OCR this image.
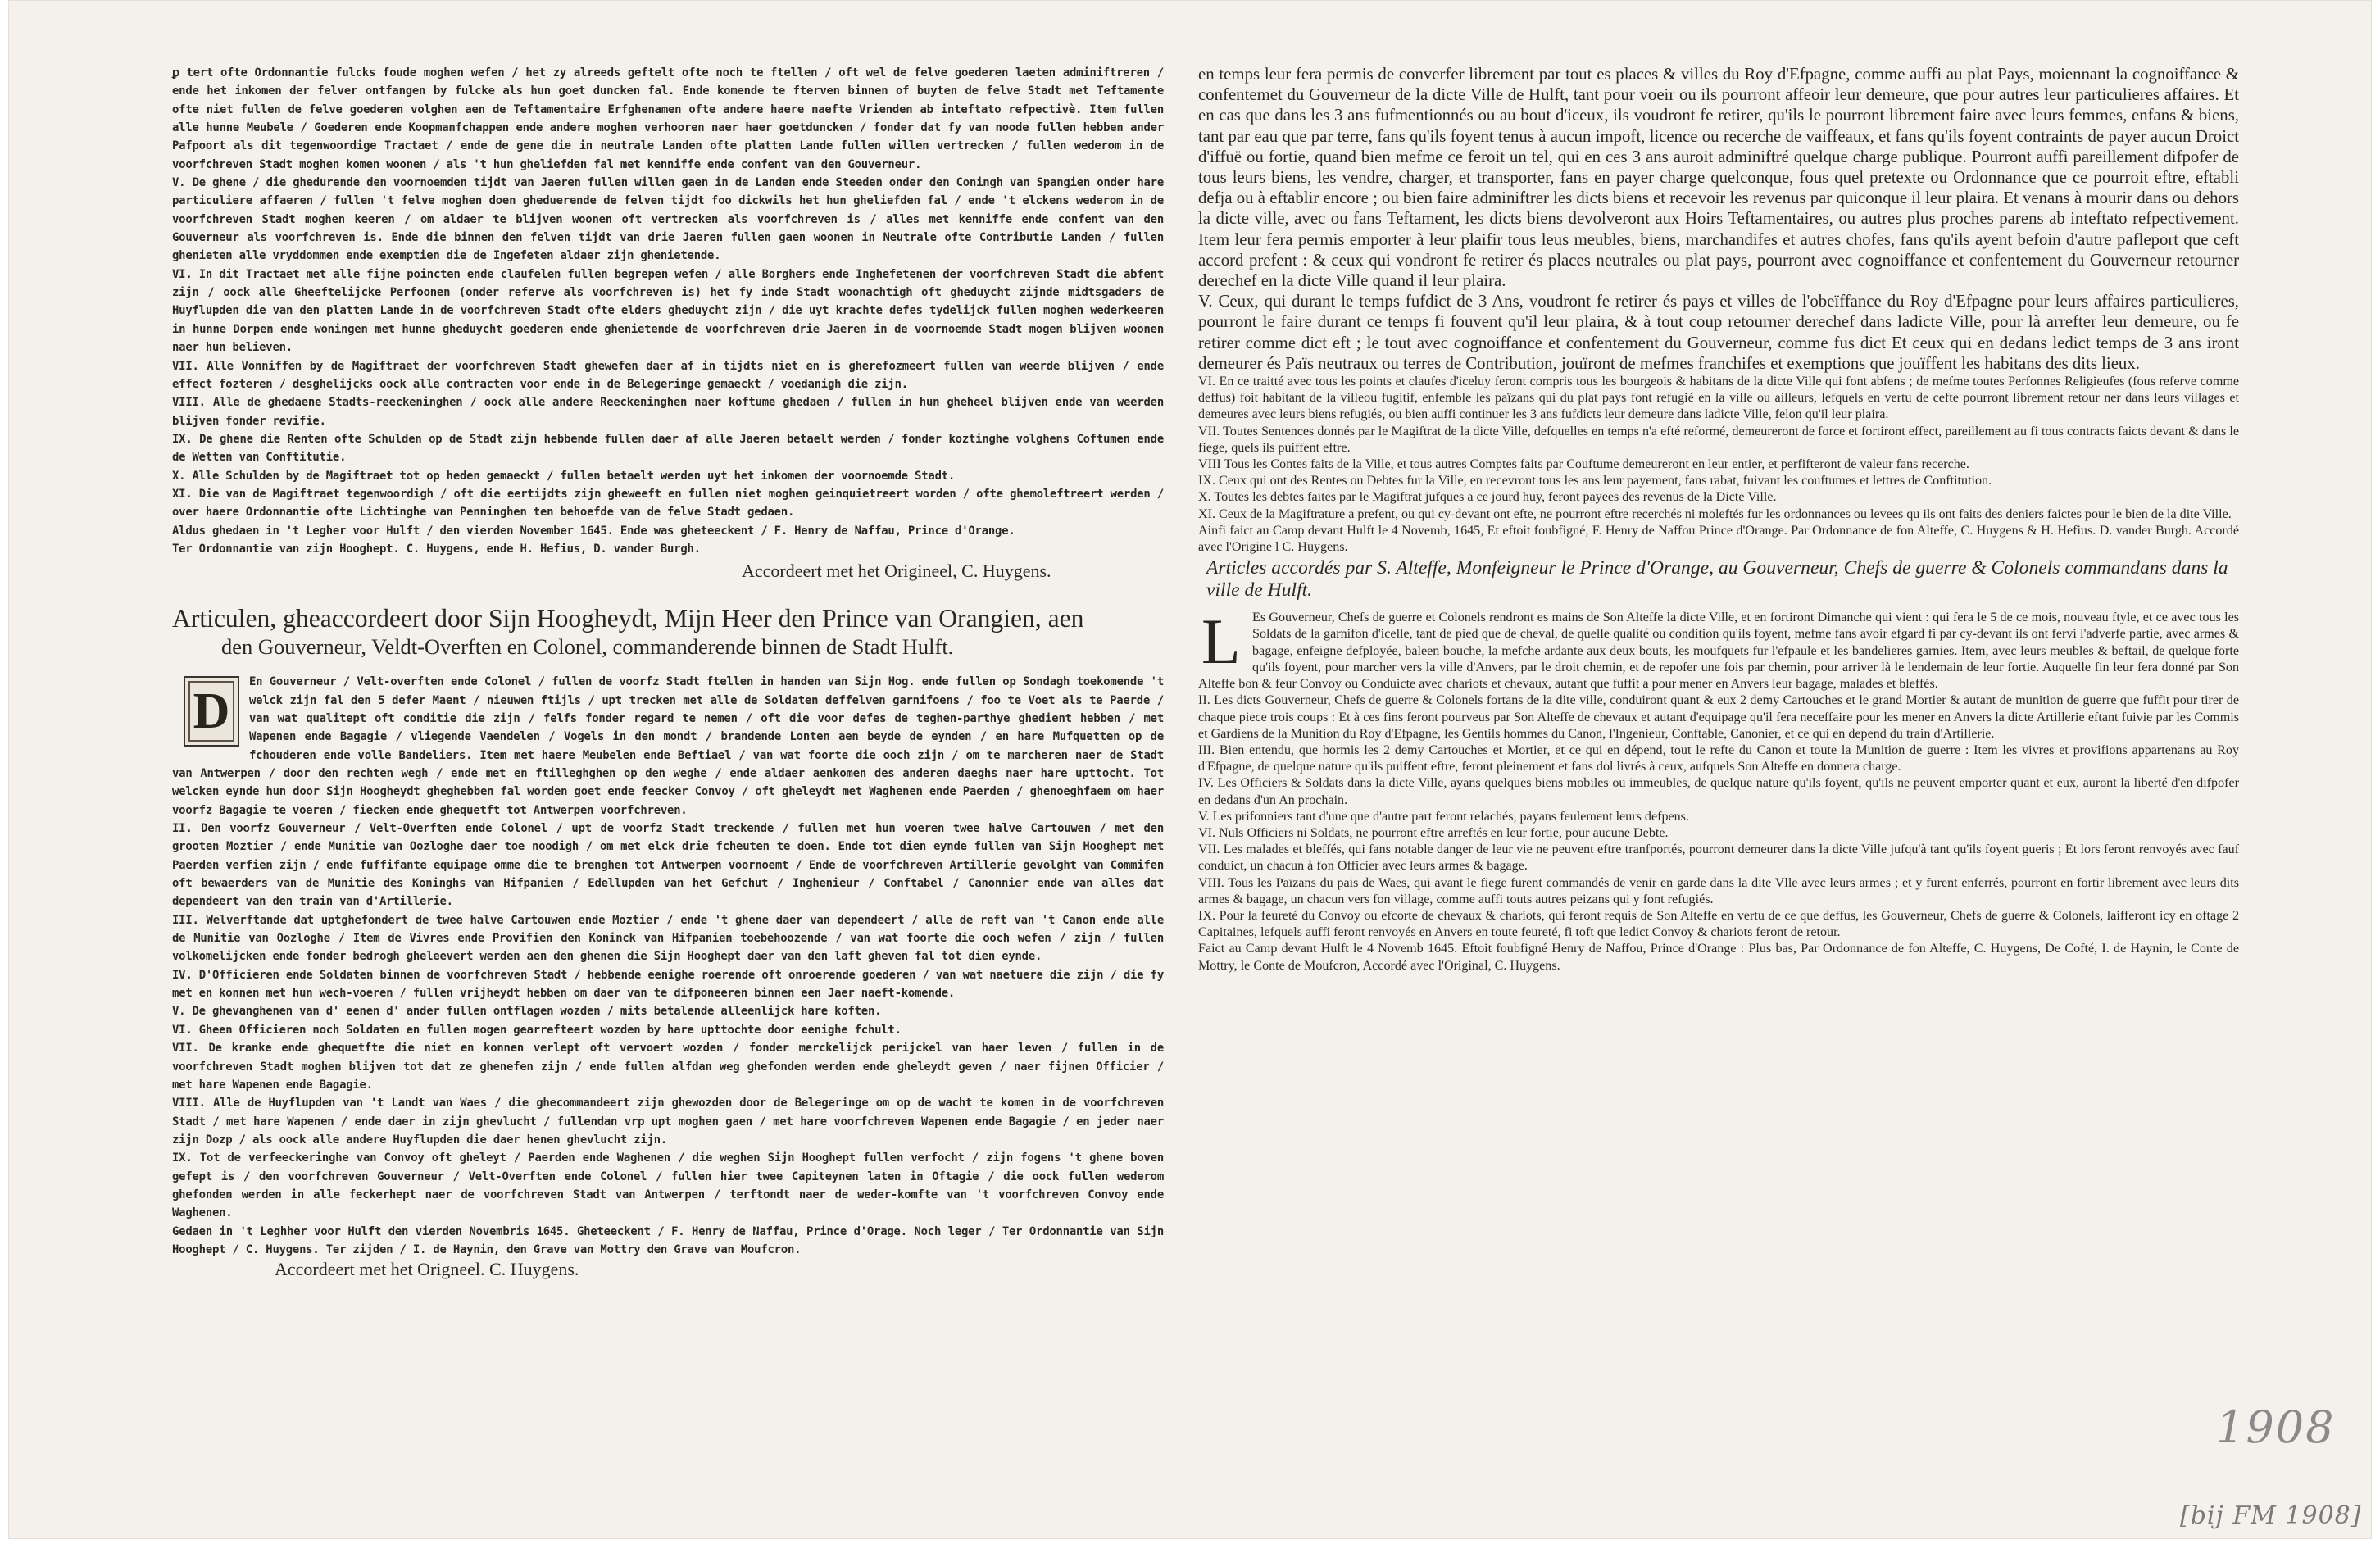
ꝑ tert ofte Ordonnantie fulcks foude moghen wefen / het zy alreeds geftelt ofte noch te ftellen / oft wel de felve goederen laeten adminiftreren / ende het inkomen der felver ontfangen by fulcke als hun goet duncken fal. Ende komende te fterven binnen of buyten de felve Stadt met Teftamente ofte niet fullen de felve goederen volghen aen de Teftamentaire Erfghenamen ofte andere haere naefte Vrienden ab inteftato refpectivè. Item fullen alle hunne Meubele / Goederen ende Koopmanfchappen ende andere moghen verhooren naer haer goetduncken / fonder dat fy van noode fullen hebben ander Pafpoort als dit tegenwoordige Tractaet / ende de gene die in neutrale Landen ofte platten Lande fullen willen vertrecken / fullen wederom in de voorfchreven Stadt moghen komen woonen / als 't hun gheliefden fal met kenniffe ende confent van den Gouverneur.

V. De ghene / die ghedurende den voornoemden tijdt van Jaeren fullen willen gaen in de Landen ende Steeden onder den Coningh van Spangien onder hare particuliere affaeren / fullen 't felve moghen doen gheduerende de felven tijdt foo dickwils het hun gheliefden fal / ende 't elckens wederom in de voorfchreven Stadt moghen keeren / om aldaer te blijven woonen oft vertrecken als voorfchreven is / alles met kenniffe ende confent van den Gouverneur als voorfchreven is. Ende die binnen den felven tijdt van drie Jaeren fullen gaen woonen in Neutrale ofte Contributie Landen / fullen ghenieten alle vryddommen ende exemptien die de Ingefeten aldaer zijn ghenietende.

VI. In dit Tractaet met alle fijne poincten ende claufelen fullen begrepen wefen / alle Borghers ende Inghefetenen der voorfchreven Stadt die abfent zijn / oock alle Gheeftelijcke Perfoonen (onder referve als voorfchreven is) het fy inde Stadt woonachtigh oft gheduycht zijnde midtsgaders de Huyflupden die van den platten Lande in de voorfchreven Stadt ofte elders gheduycht zijn / die uyt krachte defes tydelijck fullen moghen wederkeeren in hunne Dorpen ende woningen met hunne gheduycht goederen ende ghenietende de voorfchreven drie Jaeren in de voornoemde Stadt mogen blijven woonen naer hun believen.

VII. Alle Vonniffen by de Magiftraet der voorfchreven Stadt ghewefen daer af in tijdts niet en is gherefozmeert fullen van weerde blijven / ende effect fozteren / desghelijcks oock alle contracten voor ende in de Belegeringe gemaeckt / voedanigh die zijn.

VIII. Alle de ghedaene Stadts-reeckeninghen / oock alle andere Reeckeninghen naer koftume ghedaen / fullen in hun gheheel blijven ende van weerden blijven fonder revifie.

IX. De ghene die Renten ofte Schulden op de Stadt zijn hebbende fullen daer af alle Jaeren betaelt werden / fonder koztinghe volghens Coftumen ende de Wetten van Conftitutie.

X. Alle Schulden by de Magiftraet tot op heden gemaeckt / fullen betaelt werden uyt het inkomen der voornoemde Stadt.

XI. Die van de Magiftraet tegenwoordigh / oft die eertijdts zijn gheweeft en fullen niet moghen geinquietreert worden / ofte ghemoleftreert werden / over haere Ordonnantie ofte Lichtinghe van Penninghen ten behoefde van de felve Stadt gedaen.

Aldus ghedaen in 't Legher voor Hulft / den vierden November 1645. Ende was gheteeckent / F. Henry de Naffau, Prince d'Orange.

Ter Ordonnantie van zijn Hooghept. C. Huygens, ende H. Hefius, D. vander Burgh.

Accordeert met het Origineel, C. Huygens.

Articulen, gheaccordeert door Sijn Hoogheydt, Mijn Heer den Prince van Orangien, aen
den Gouverneur, Veldt-Overften en Colonel, commanderende binnen de Stadt Hulft.

D

En Gouverneur / Velt-overften ende Colonel / fullen de voorfz Stadt ftellen in handen van Sijn Hog. ende fullen op Sondagh toekomende 't welck zijn fal den 5 defer Maent / nieuwen ftijls / upt trecken met alle de Soldaten deffelven garnifoens / foo te Voet als te Paerde / van wat qualitept oft conditie die zijn / felfs fonder regard te nemen / oft die voor defes de teghen-parthye ghedient hebben / met Wapenen ende Bagagie / vliegende Vaendelen / Vogels in den mondt / brandende Lonten aen beyde de eynden / en hare Mufquetten op de fchouderen ende volle Bandeliers. Item met haere Meubelen ende Beftiael / van wat foorte die ooch zijn / om te marcheren naer de Stadt van Antwerpen / door den rechten wegh / ende met en ftilleghghen op den weghe / ende aldaer aenkomen des anderen daeghs naer hare upttocht. Tot welcken eynde hun door Sijn Hoogheydt gheghebben fal worden goet ende feecker Convoy / oft gheleydt met Waghenen ende Paerden / ghenoeghfaem om haer voorfz Bagagie te voeren / fiecken ende ghequetft tot Antwerpen voorfchreven.

II. Den voorfz Gouverneur / Velt-Overften ende Colonel / upt de voorfz Stadt treckende / fullen met hun voeren twee halve Cartouwen / met den grooten Moztier / ende Munitie van Oozloghe daer toe noodigh / om met elck drie fcheuten te doen. Ende tot dien eynde fullen van Sijn Hooghept met Paerden verfien zijn / ende fuffifante equipage omme die te brenghen tot Antwerpen voornoemt / Ende de voorfchreven Artillerie gevolght van Commifen oft bewaerders van de Munitie des Koninghs van Hifpanien / Edellupden van het Gefchut / Inghenieur / Conftabel / Canonnier ende van alles dat dependeert van den train van d'Artillerie.

III. Welverftande dat uptghefondert de twee halve Cartouwen ende Moztier / ende 't ghene daer van dependeert / alle de reft van 't Canon ende alle de Munitie van Oozloghe / Item de Vivres ende Provifien den Koninck van Hifpanien toebehoozende / van wat foorte die ooch wefen / zijn / fullen volkomelijcken ende fonder bedrogh gheleevert werden aen den ghenen die Sijn Hooghept daer van den laft gheven fal tot dien eynde.

IV. D'Officieren ende Soldaten binnen de voorfchreven Stadt / hebbende eenighe roerende oft onroerende goederen / van wat naetuere die zijn / die fy met en konnen met hun wech-voeren / fullen vrijheydt hebben om daer van te difponeeren binnen een Jaer naeft-komende.

V. De ghevanghenen van d' eenen d' ander fullen ontflagen wozden / mits betalende alleenlijck hare koften.

VI. Gheen Officieren noch Soldaten en fullen mogen gearrefteert wozden by hare upttochte door eenighe fchult.

VII. De kranke ende ghequetfte die niet en konnen verlept oft vervoert wozden / fonder merckelijck perijckel van haer leven / fullen in de voorfchreven Stadt moghen blijven tot dat ze ghenefen zijn / ende fullen alfdan weg ghefonden werden ende gheleydt geven / naer fijnen Officier / met hare Wapenen ende Bagagie.

VIII. Alle de Huyflupden van 't Landt van Waes / die ghecommandeert zijn ghewozden door de Belegeringe om op de wacht te komen in de voorfchreven Stadt / met hare Wapenen / ende daer in zijn ghevlucht / fullendan vrp upt moghen gaen / met hare voorfchreven Wapenen ende Bagagie / en jeder naer zijn Dozp / als oock alle andere Huyflupden die daer henen ghevlucht zijn.

IX. Tot de verfeeckeringhe van Convoy oft gheleyt / Paerden ende Waghenen / die weghen Sijn Hooghept fullen verfocht / zijn fogens 't ghene boven gefept is / den voorfchreven Gouverneur / Velt-Overften ende Colonel / fullen hier twee Capiteynen laten in Oftagie / die oock fullen wederom ghefonden werden in alle feckerhept naer de voorfchreven Stadt van Antwerpen / terftondt naer de weder-komfte van 't voorfchreven Convoy ende Waghenen.

Gedaen in 't Leghher voor Hulft den vierden Novembris 1645. Gheteeckent / F. Henry de Naffau, Prince d'Orage. Noch leger / Ter Ordonnantie van Sijn Hooghept / C. Huygens. Ter zijden / I. de Haynin, den Grave van Mottry den Grave van Moufcron.

Accordeert met het Origneel. C. Huygens.

en temps leur fera permis de converfer librement par tout es places & villes du Roy d'Efpagne, comme auffi au plat Pays, moiennant la cognoiffance & confentemet du Gouverneur de la dicte Ville de Hulft, tant pour voeir ou ils pourront affeoir leur demeure, que pour autres leur particulieres affaires. Et en cas que dans les 3 ans fufmentionnés ou au bout d'iceux, ils voudront fe retirer, qu'ils le pourront librement faire avec leurs femmes, enfans & biens, tant par eau que par terre, fans qu'ils foyent tenus à aucun impoft, licence ou recerche de vaiffeaux, et fans qu'ils foyent contraints de payer aucun Droict d'iffuë ou fortie, quand bien mefme ce feroit un tel, qui en ces 3 ans auroit adminiftré quelque charge publique. Pourront auffi pareillement difpofer de tous leurs biens, les vendre, charger, et transporter, fans en payer charge quelconque, fous quel pretexte ou Ordonnance que ce pourroit eftre, eftabli defja ou à eftablir encore ; ou bien faire adminiftrer les dicts biens et recevoir les revenus par quiconque il leur plaira. Et venans à mourir dans ou dehors la dicte ville, avec ou fans Teftament, les dicts biens devolveront aux Hoirs Teftamentaires, ou autres plus proches parens ab inteftato refpectivement. Item leur fera permis emporter à leur plaifir tous leus meubles, biens, marchandifes et autres chofes, fans qu'ils ayent befoin d'autre pafleport que ceft accord prefent : & ceux qui vondront fe retirer és places neutrales ou plat pays, pourront avec cognoiffance et confentement du Gouverneur retourner derechef en la dicte Ville quand il leur plaira.

V. Ceux, qui durant le temps fufdict de 3 Ans, voudront fe retirer és pays et villes de l'obeïffance du Roy d'Efpagne pour leurs affaires particulieres, pourront le faire durant ce temps fi fouvent qu'il leur plaira, & à tout coup retourner derechef dans ladicte Ville, pour là arrefter leur demeure, ou fe retirer comme dict eft ; le tout avec cognoiffance et confentement du Gouverneur, comme fus dict Et ceux qui en dedans ledict temps de 3 ans iront demeurer és Païs neutraux ou terres de Contribution, jouïront de mefmes franchifes et exemptions que jouïffent les habitans des dits lieux.

VI. En ce traitté avec tous les points et claufes d'iceluy feront compris tous les bourgeois & habitans de la dicte Ville qui font abfens ; de mefme toutes Perfonnes Religieufes (fous referve comme deffus) foit habitant de la villeou fugitif, enfemble les païzans qui du plat pays font refugié en la ville ou ailleurs, lefquels en vertu de cefte pourront librement retour ner dans leurs villages et demeures avec leurs biens refugiés, ou bien auffi continuer les 3 ans fufdicts leur demeure dans ladicte Ville, felon qu'il leur plaira.

VII. Toutes Sentences donnés par le Magiftrat de la dicte Ville, defquelles en temps n'a efté reformé, demeureront de force et fortiront effect, pareillement au fi tous contracts faicts devant & dans le fiege, quels ils puiffent eftre.

VIII Tous les Contes faits de la Ville, et tous autres Comptes faits par Couftume demeureront en leur entier, et perfifteront de valeur fans recerche.

IX. Ceux qui ont des Rentes ou Debtes fur la Ville, en recevront tous les ans leur payement, fans rabat, fuivant les couftumes et lettres de Conftitution.

X. Toutes les debtes faites par le Magiftrat jufques a ce jourd huy, feront payees des revenus de la Dicte Ville.

XI. Ceux de la Magiftrature a prefent, ou qui cy-devant ont efte, ne pourront eftre recerchés ni moleftés fur les ordonnances ou levees qu ils ont faits des deniers faictes pour le bien de la dite Ville.

Ainfi faict au Camp devant Hulft le 4 Novemb, 1645, Et eftoit foubfigné, F. Henry de Naffou Prince d'Orange. Par Ordonnance de fon Alteffe, C. Huygens & H. Hefius. D. vander Burgh. Accordé avec l'Origine l C. Huygens.

Articles accordés par S. Alteffe, Monfeigneur le Prince d'Orange, au Gouverneur, Chefs de guerre & Colonels commandans dans la ville de Hulft.

L Es Gouverneur, Chefs de guerre et Colonels rendront es mains de Son Alteffe la dicte Ville, et en fortiront Dimanche qui vient : qui fera le 5 de ce mois, nouveau ftyle, et ce avec tous les Soldats de la garnifon d'icelle, tant de pied que de cheval, de quelle qualité ou condition qu'ils foyent, mefme fans avoir efgard fi par cy-devant ils ont fervi l'adverfe partie, avec armes & bagage, enfeigne defployée, baleen bouche, la mefche ardante aux deux bouts, les moufquets fur l'efpaule et les bandelieres garnies. Item, avec leurs meubles & beftail, de quelque forte qu'ils foyent, pour marcher vers la ville d'Anvers, par le droit chemin, et de repofer une fois par chemin, pour arriver là le lendemain de leur fortie. Auquelle fin leur fera donné par Son Alteffe bon & feur Convoy ou Conduicte avec chariots et chevaux, autant que fuffit a pour mener en Anvers leur bagage, malades et bleffés.

II. Les dicts Gouverneur, Chefs de guerre & Colonels fortans de la dite ville, conduiront quant & eux 2 demy Cartouches et le grand Mortier & autant de munition de guerre que fuffit pour tirer de chaque piece trois coups : Et à ces fins feront pourveus par Son Alteffe de chevaux et autant d'equipage qu'il fera neceffaire pour les mener en Anvers la dicte Artillerie eftant fuivie par les Commis et Gardiens de la Munition du Roy d'Efpagne, les Gentils hommes du Canon, l'Ingenieur, Conftable, Canonier, et ce qui en depend du train d'Artillerie.

III. Bien entendu, que hormis les 2 demy Cartouches et Mortier, et ce qui en dépend, tout le refte du Canon et toute la Munition de guerre : Item les vivres et provifions appartenans au Roy d'Efpagne, de quelque nature qu'ils puiffent eftre, feront pleinement et fans dol livrés à ceux, aufquels Son Alteffe en donnera charge.

IV. Les Officiers & Soldats dans la dicte Ville, ayans quelques biens mobiles ou immeubles, de quelque nature qu'ils foyent, qu'ils ne peuvent emporter quant et eux, auront la liberté d'en difpofer en dedans d'un An prochain.

V. Les prifonniers tant d'une que d'autre part feront relachés, payans feulement leurs defpens.

VI. Nuls Officiers ni Soldats, ne pourront eftre arreftés en leur fortie, pour aucune Debte.

VII. Les malades et bleffés, qui fans notable danger de leur vie ne peuvent eftre tranfportés, pourront demeurer dans la dicte Ville jufqu'à tant qu'ils foyent gueris ; Et lors feront renvoyés avec fauf conduict, un chacun à fon Officier avec leurs armes & bagage.

VIII. Tous les Païzans du pais de Waes, qui avant le fiege furent commandés de venir en garde dans la dite Vlle avec leurs armes ; et y furent enferrés, pourront en fortir librement avec leurs dits armes & bagage, un chacun vers fon village, comme auffi touts autres peizans qui y font refugiés.

IX. Pour la feureté du Convoy ou efcorte de chevaux & chariots, qui feront requis de Son Alteffe en vertu de ce que deffus, les Gouverneur, Chefs de guerre & Colonels, laifferont icy en oftage 2 Capitaines, lefquels auffi feront renvoyés en Anvers en toute feureté, fi toft que ledict Convoy & chariots feront de retour.

Faict au Camp devant Hulft le 4 Novemb 1645. Eftoit foubfigné Henry de Naffou, Prince d'Orange : Plus bas, Par Ordonnance de fon Alteffe, C. Huygens, De Cofté, I. de Haynin, le Conte de Mottry, le Conte de Moufcron, Accordé avec l'Original, C. Huygens.

1908
[bij FM 1908]
